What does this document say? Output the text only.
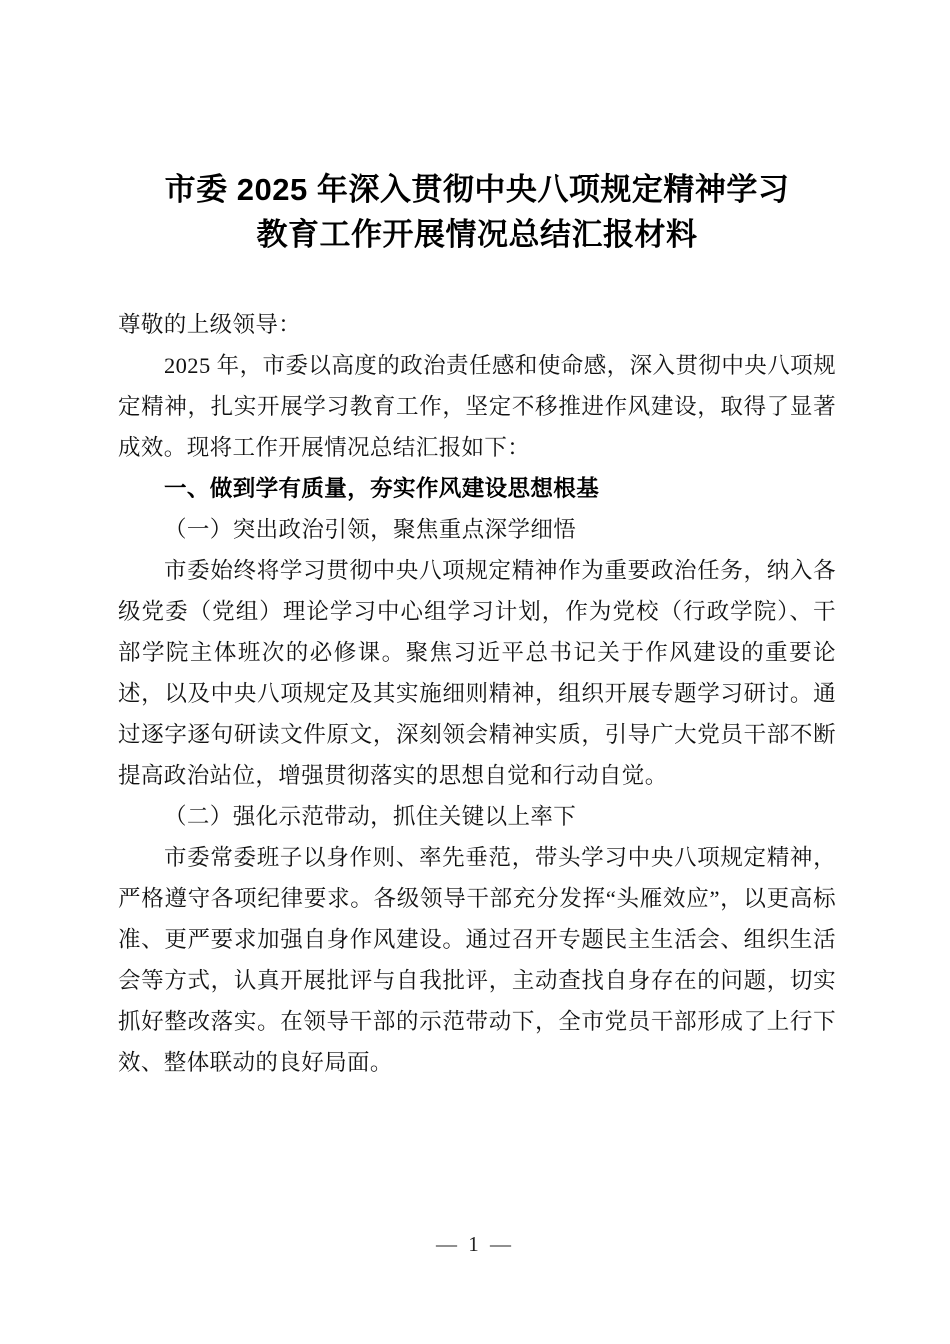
市委 2025 年深入贯彻中央八项规定精神学习
教育工作开展情况总结汇报材料

尊敬的上级领导：

2025 年，市委以高度的政治责任感和使命感，深入贯彻中央八项规定精神，扎实开展学习教育工作，坚定不移推进作风建设，取得了显著成效。现将工作开展情况总结汇报如下：

一、做到学有质量，夯实作风建设思想根基

（一）突出政治引领，聚焦重点深学细悟

市委始终将学习贯彻中央八项规定精神作为重要政治任务，纳入各级党委（党组）理论学习中心组学习计划，作为党校（行政学院）、干部学院主体班次的必修课。聚焦习近平总书记关于作风建设的重要论述，以及中央八项规定及其实施细则精神，组织开展专题学习研讨。通过逐字逐句研读文件原文，深刻领会精神实质，引导广大党员干部不断提高政治站位，增强贯彻落实的思想自觉和行动自觉。

（二）强化示范带动，抓住关键以上率下

市委常委班子以身作则、率先垂范，带头学习中央八项规定精神，严格遵守各项纪律要求。各级领导干部充分发挥“头雁效应”，以更高标准、更严要求加强自身作风建设。通过召开专题民主生活会、组织生活会等方式，认真开展批评与自我批评，主动查找自身存在的问题，切实抓好整改落实。在领导干部的示范带动下，全市党员干部形成了上行下效、整体联动的良好局面。

— 1 —
